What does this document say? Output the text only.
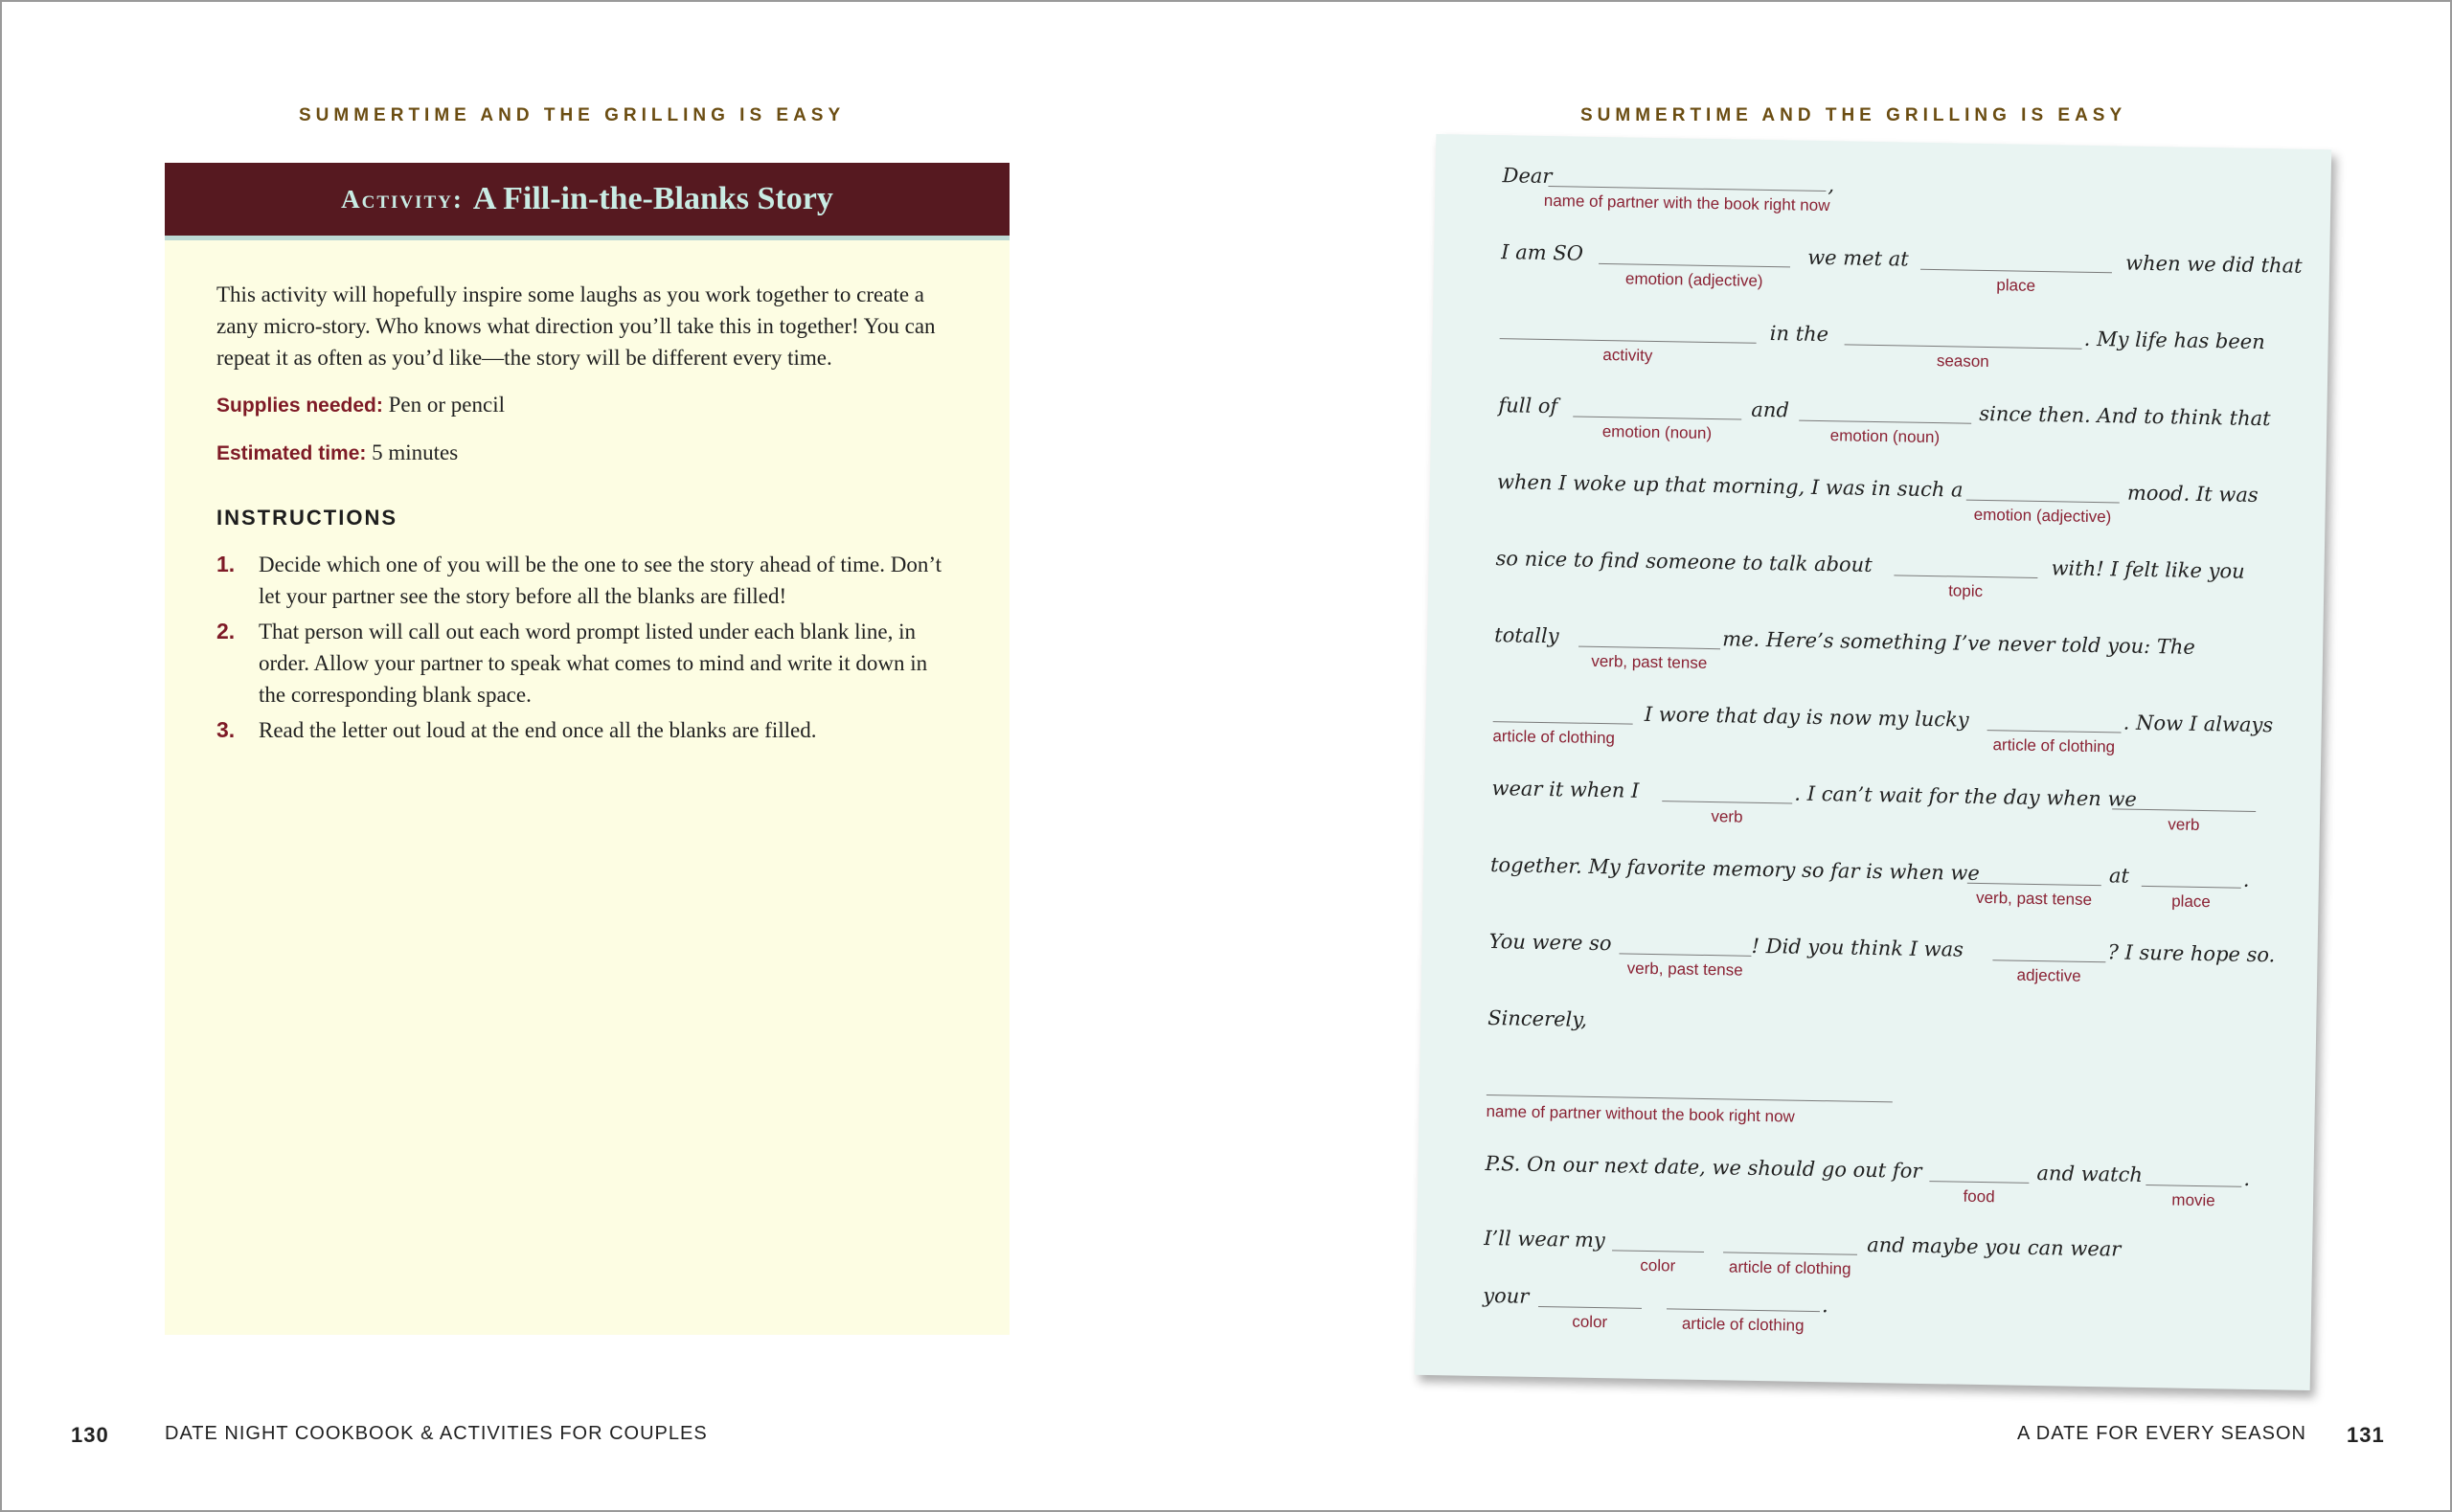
SUMMERTIME AND THE GRILLING IS EASY
Activity: A Fill-in-the-Blanks Story

This activity will hopefully inspire some laughs as you work together to create a zany micro-story. Who knows what direction you’ll take this in together! You can repeat it as often as you’d like—the story will be different every time.

Supplies needed: Pen or pencil

Estimated time: 5 minutes

INSTRUCTIONS
1.	Decide which one of you will be the one to see the story ahead of time. Don’t let your partner see the story before all the blanks are filled!
2.	That person will call out each word prompt listed under each blank line, in order. Allow your partner to speak what comes to mind and write it down in the corresponding blank space.
3.	Read the letter out loud at the end once all the blanks are filled.
130	DATE NIGHT COOKBOOK & ACTIVITIES FOR COUPLES
SUMMERTIME AND THE GRILLING IS EASY
Dear	,
name of partner with the book right now
I am SO
emotion (adjective)
we met at
place
when we did that
activity
in the
season
. My life has been
full of
emotion (noun)
and
emotion (noun)
since then. And to think that
when I woke up that morning, I was in such a
emotion (adjective)
mood. It was
so nice to find someone to talk about
topic
with! I felt like you
totally
verb, past tense
me. Here’s something I’ve never told you: The
article of clothing
I wore that day is now my lucky
article of clothing
. Now I always
wear it when I
verb
. I can’t wait for the day when we
verb
together. My favorite memory so far is when we
verb, past tense
at
place
.
You were so
verb, past tense
! Did you think I was
adjective
? I sure hope so.
Sincerely,
name of partner without the book right now
P.S. On our next date, we should go out for
food
and watch
movie
.
I’ll wear my
color	article of clothing
and maybe you can wear
your
color	article of clothing
.
A DATE FOR EVERY SEASON 131
